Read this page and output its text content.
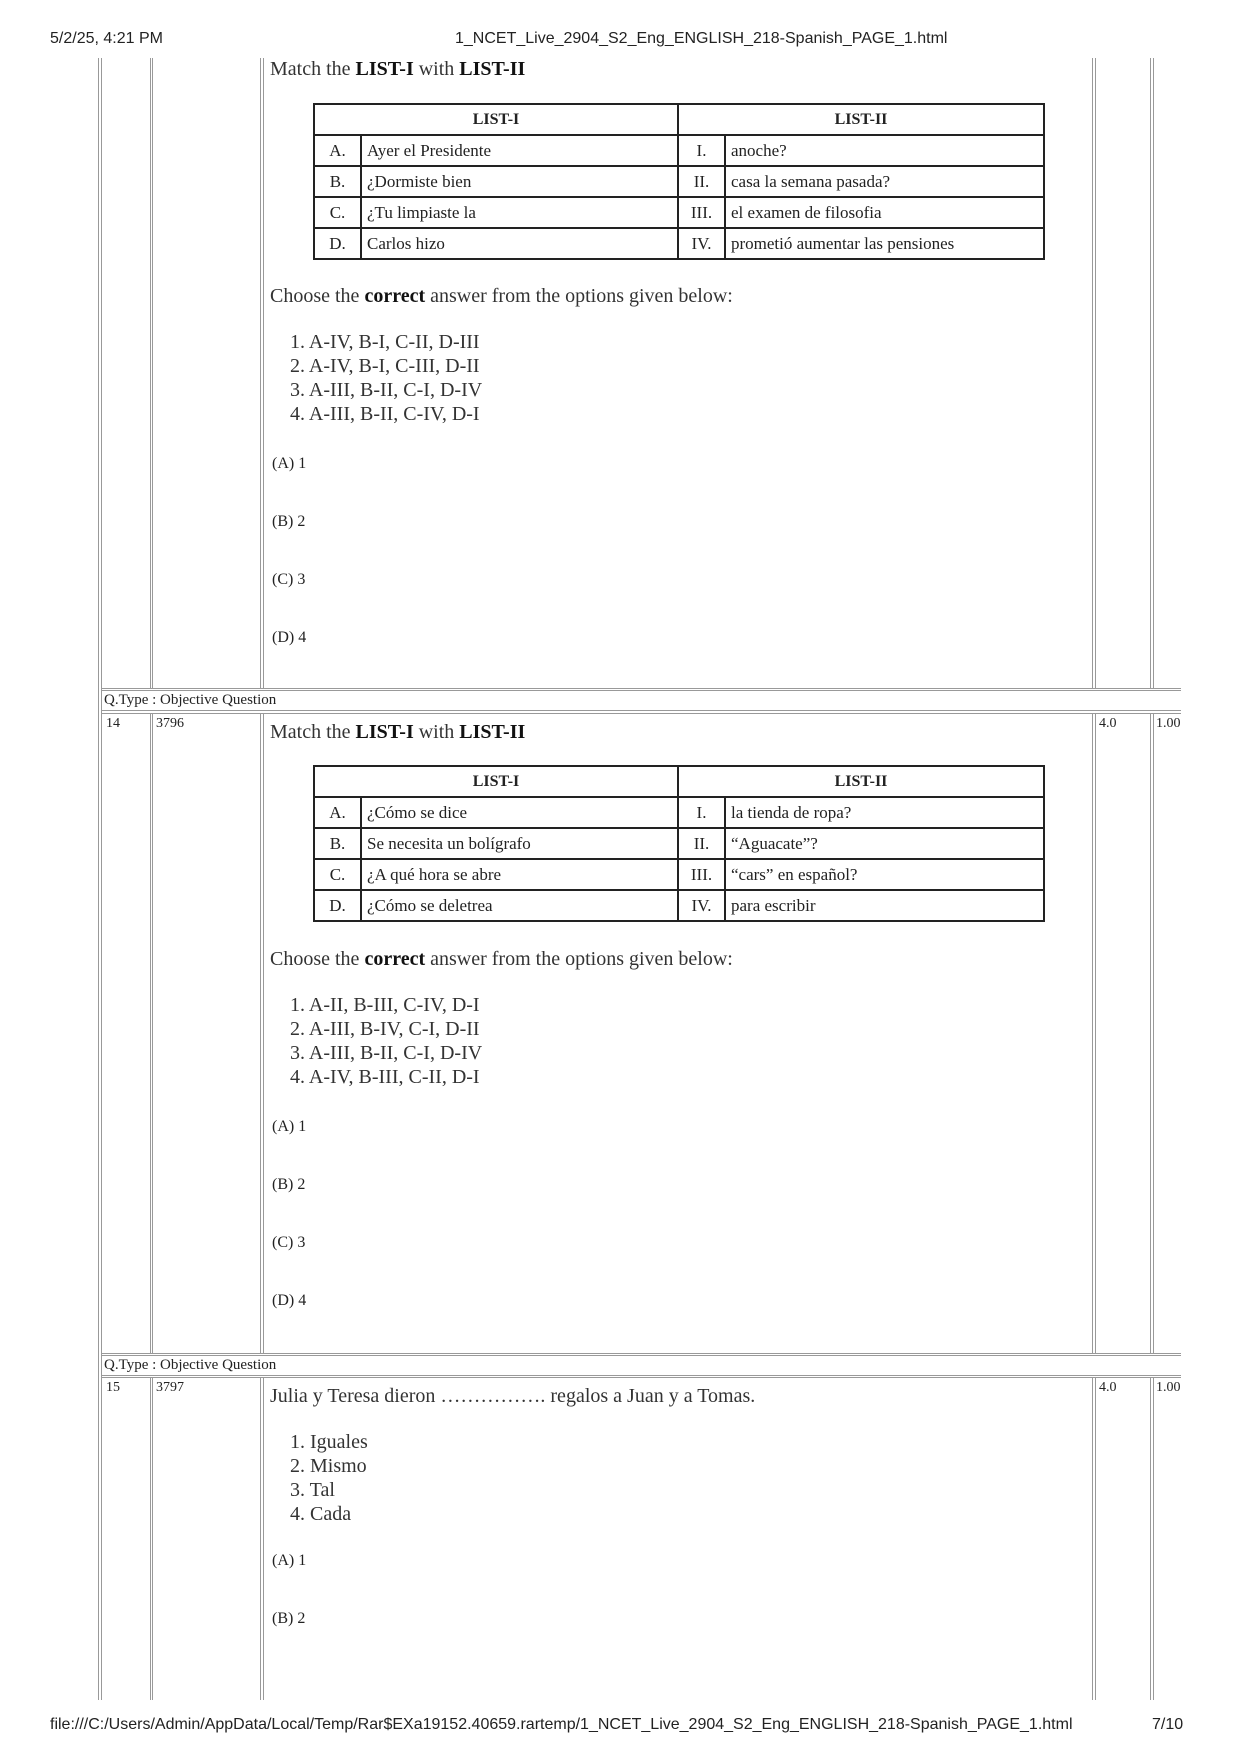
5/2/25, 4:21 PM	1_NCET_Live_2904_S2_Eng_ENGLISH_218-Spanish_PAGE_1.html
Match the LIST-I with LIST-II
LIST-I		LIST-II	
A.	Ayer el Presidente	I.	anoche?
B.	¿Dormiste bien	II.	casa la semana pasada?
C.	¿Tu limpiaste la	III.	el examen de filosofia
D.	Carlos hizo	IV.	prometió aumentar las pensiones
Choose the correct answer from the options given below:
1. A-IV, B-I, C-II, D-III
2. A-IV, B-I, C-III, D-II
3. A-III, B-II, C-I, D-IV
4. A-III, B-II, C-IV, D-I
(A) 1
(B) 2
(C) 3
(D) 4
Q.Type : Objective Question
14	3796	4.0	1.00
Match the LIST-I with LIST-II
LIST-I		LIST-II	
A.	¿Cómo se dice	I.	la tienda de ropa?
B.	Se necesita un bolígrafo	II.	“Aguacate”?
C.	¿A qué hora se abre	III.	“cars” en español?
D.	¿Cómo se deletrea	IV.	para escribir
Choose the correct answer from the options given below:
1. A-II, B-III, C-IV, D-I
2. A-III, B-IV, C-I, D-II
3. A-III, B-II, C-I, D-IV
4. A-IV, B-III, C-II, D-I
(A) 1
(B) 2
(C) 3
(D) 4
Q.Type : Objective Question
15	3797	4.0	1.00
Julia y Teresa dieron ……………. regalos a Juan y a Tomas.
1. Iguales
2. Mismo
3. Tal
4. Cada
(A) 1
(B) 2
file:///C:/Users/Admin/AppData/Local/Temp/Rar$EXa19152.40659.rartemp/1_NCET_Live_2904_S2_Eng_ENGLISH_218-Spanish_PAGE_1.html	7/10
